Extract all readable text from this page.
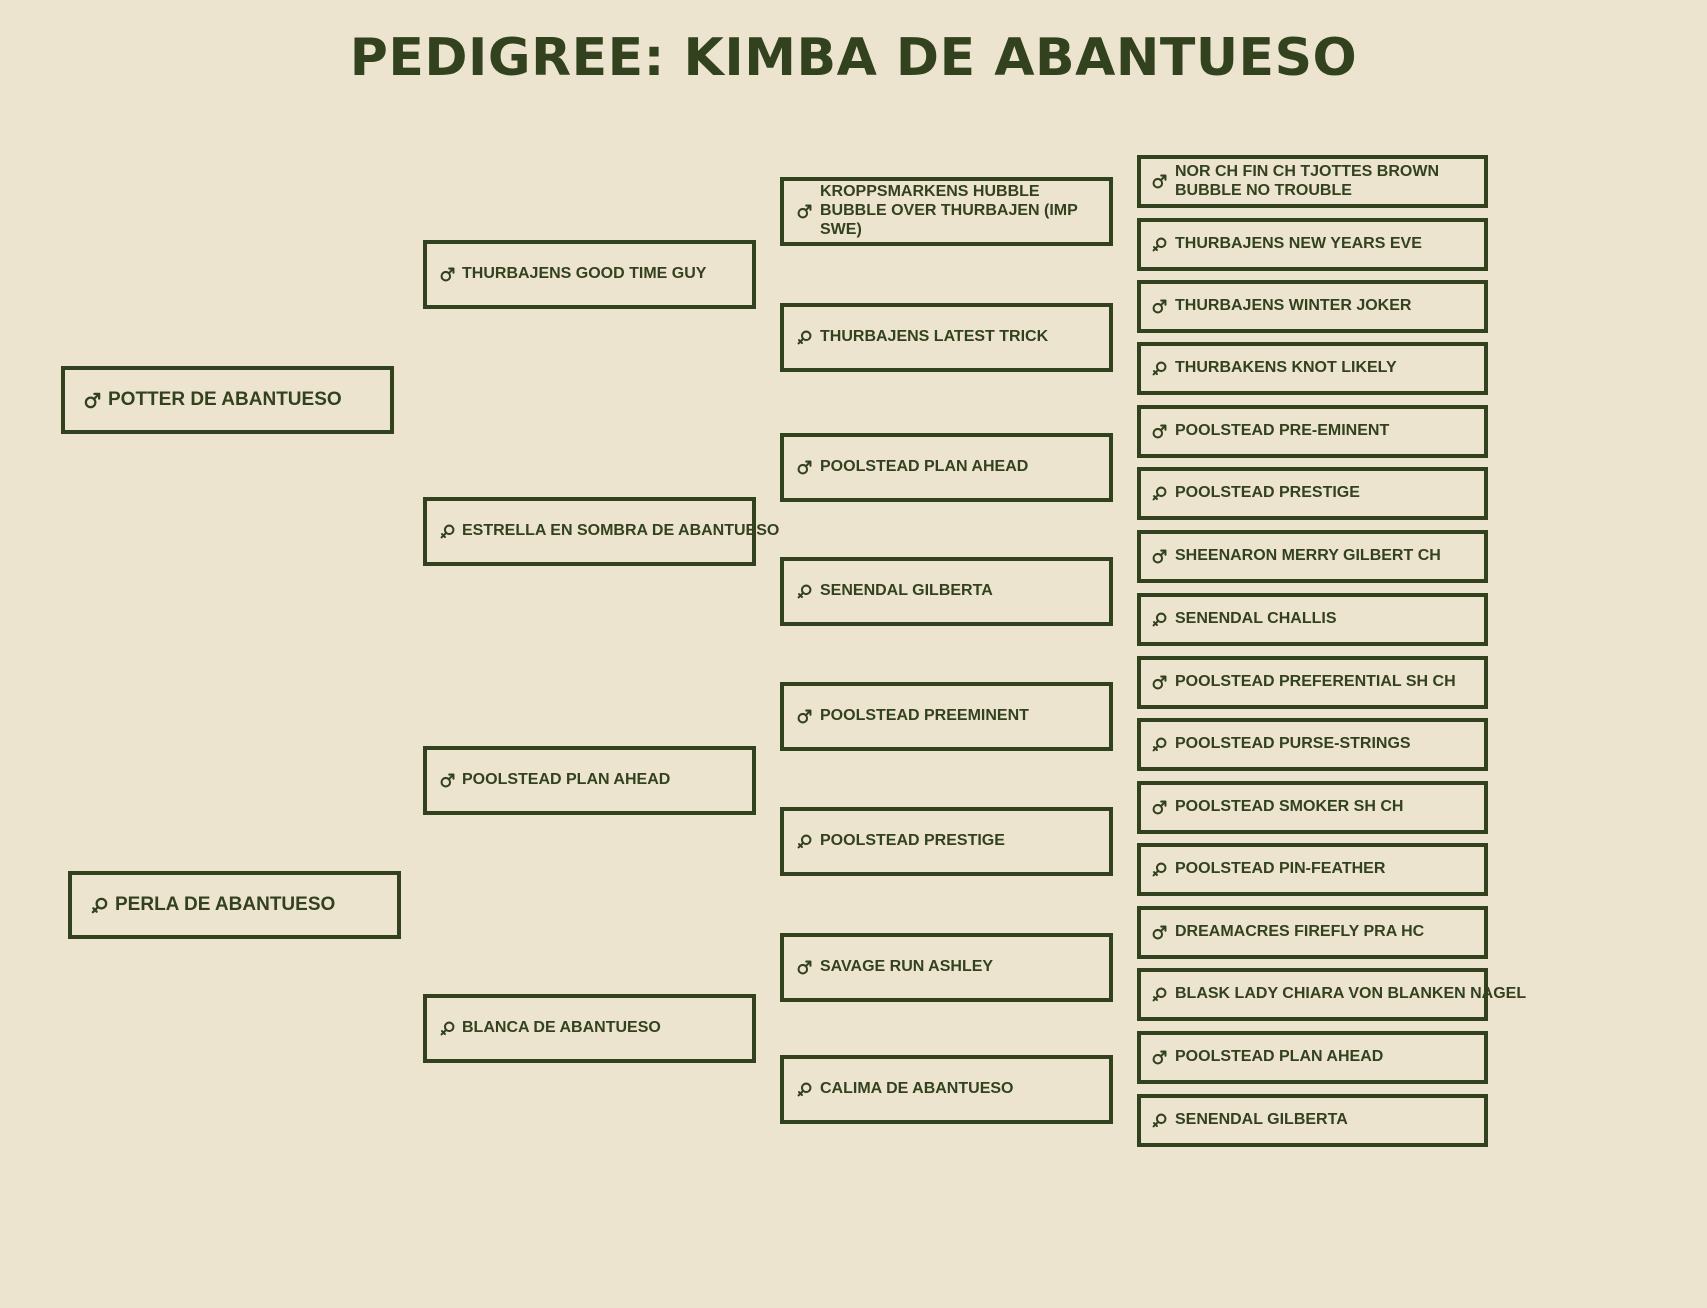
PEDIGREE: KIMBA DE ABANTUESO
POTTER DE ABANTUESO
PERLA DE ABANTUESO
THURBAJENS GOOD TIME GUY
ESTRELLA EN SOMBRA DE ABANTUESO
POOLSTEAD PLAN AHEAD
BLANCA DE ABANTUESO
KROPPSMARKENS HUBBLE BUBBLE OVER THURBAJEN (IMP SWE)
THURBAJENS LATEST TRICK
POOLSTEAD PLAN AHEAD
SENENDAL GILBERTA
POOLSTEAD PREEMINENT
POOLSTEAD PRESTIGE
SAVAGE RUN ASHLEY
CALIMA DE ABANTUESO
NOR CH FIN CH TJOTTES BROWN BUBBLE NO TROUBLE
THURBAJENS NEW YEARS EVE
THURBAJENS WINTER JOKER
THURBAKENS KNOT LIKELY
POOLSTEAD PRE-EMINENT
POOLSTEAD PRESTIGE
SHEENARON MERRY GILBERT CH
SENENDAL CHALLIS
POOLSTEAD PREFERENTIAL SH CH
POOLSTEAD PURSE-STRINGS
POOLSTEAD SMOKER SH CH
POOLSTEAD PIN-FEATHER
DREAMACRES FIREFLY PRA HC
BLASK LADY CHIARA VON BLANKEN NAGEL
POOLSTEAD PLAN AHEAD
SENENDAL GILBERTA
